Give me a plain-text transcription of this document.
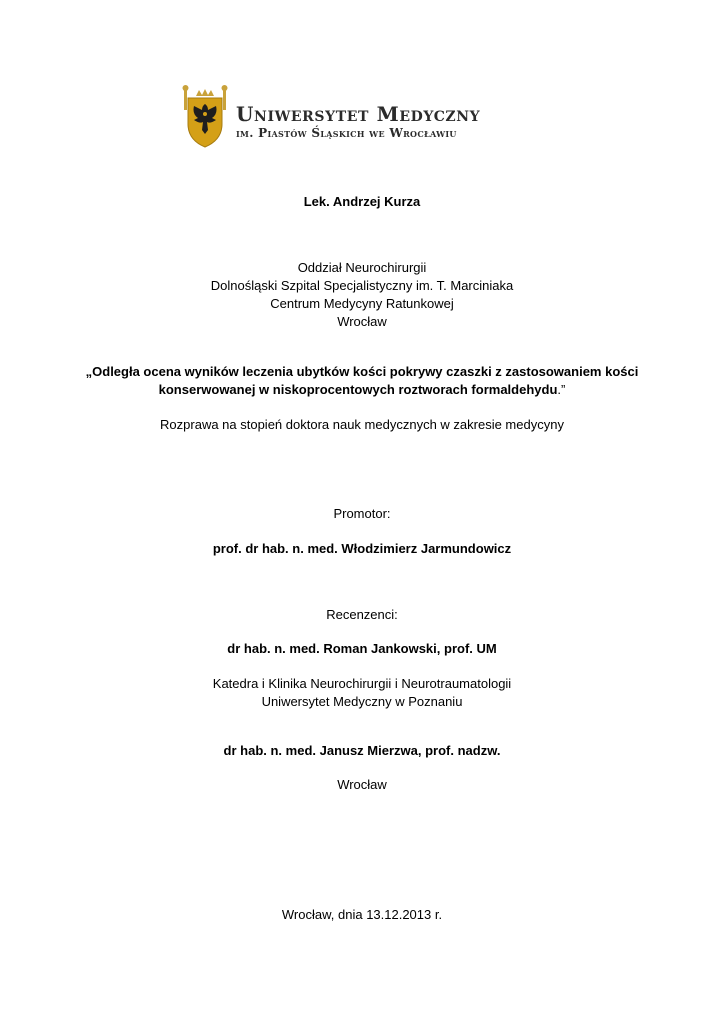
Uniwersytet Medyczny
im. Piastów Śląskich we Wrocławiu
Lek. Andrzej Kurza
Oddział Neurochirurgii
Dolnośląski Szpital Specjalistyczny im. T. Marciniaka
Centrum Medycyny Ratunkowej
Wrocław
„Odległa ocena wyników leczenia ubytków kości pokrywy czaszki z zastosowaniem kości
konserwowanej w niskoprocentowych roztworach formaldehydu.”
Rozprawa na stopień doktora nauk medycznych w zakresie medycyny
Promotor:
prof. dr hab. n. med. Włodzimierz Jarmundowicz
Recenzenci:
dr hab. n. med. Roman Jankowski, prof. UM
Katedra i Klinika Neurochirurgii i Neurotraumatologii
Uniwersytet Medyczny w Poznaniu
dr hab. n. med. Janusz Mierzwa, prof. nadzw.
Wrocław
Wrocław, dnia 13.12.2013 r.
